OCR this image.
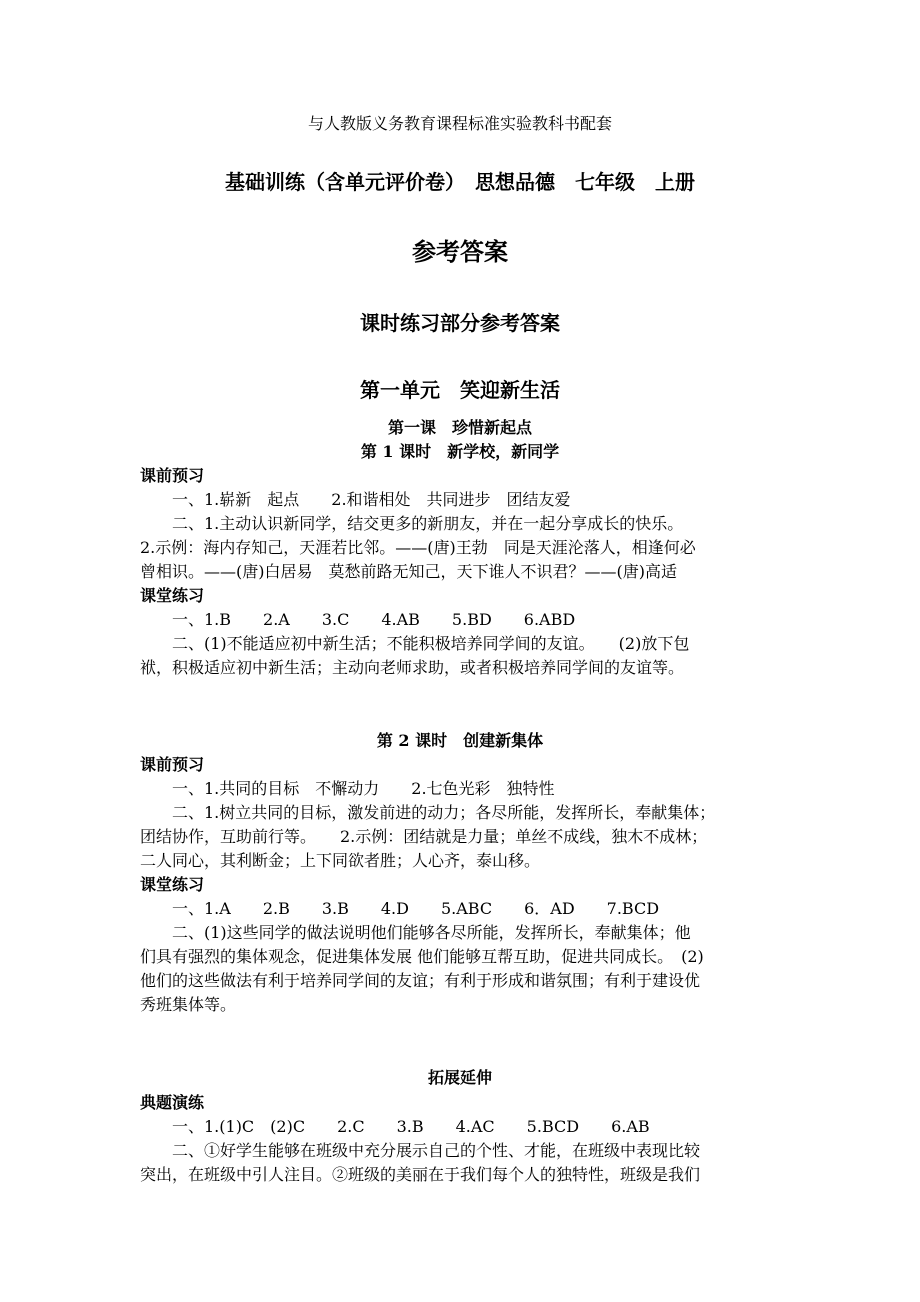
与人教版义务教育课程标准实验教科书配套
基础训练（含单元评价卷）　思想品德　七年级　上册
参考答案
课时练习部分参考答案
第一单元　笑迎新生活
第一课　珍惜新起点
第 1 课时　新学校，新同学
课前预习
　　一、1.崭新　起点　　2.和谐相处　共同进步　团结友爱
　　二、1.主动认识新同学，结交更多的新朋友，并在一起分享成长的快乐。
2.示例：海内存知己，天涯若比邻。——(唐)王勃　同是天涯沦落人，相逢何必
曾相识。——(唐)白居易　莫愁前路无知己，天下谁人不识君？——(唐)高适
课堂练习
　　一、1.B　　2.A　　3.C　　4.AB　　5.BD　　6.ABD
　　二、(1)不能适应初中新生活；不能积极培养同学间的友谊。　　(2)放下包
袱，积极适应初中新生活；主动向老师求助，或者积极培养同学间的友谊等。
第 2 课时　创建新集体
课前预习
　　一、1.共同的目标　不懈动力　　2.七色光彩　独特性
　　二、1.树立共同的目标，激发前进的动力；各尽所能，发挥所长，奉献集体；
团结协作，互助前行等。　　2.示例：团结就是力量；单丝不成线，独木不成林；
二人同心，其利断金；上下同欲者胜；人心齐，泰山移。
课堂练习
　　一、1.A　　2.B　　3.B　　4.D　　5.ABC　　6．AD　　7.BCD
　　二、(1)这些同学的做法说明他们能够各尽所能，发挥所长，奉献集体；他
们具有强烈的集体观念，促进集体发展 他们能够互帮互助，促进共同成长。　(2)
他们的这些做法有利于培养同学间的友谊；有利于形成和谐氛围；有利于建设优
秀班集体等。
拓展延伸
典题演练
　　一、1.(1)C　(2)C　　2.C　　3.B　　4.AC　　5.BCD　　6.AB
　　二、①好学生能够在班级中充分展示自己的个性、才能，在班级中表现比较
突出，在班级中引人注目。②班级的美丽在于我们每个人的独特性，班级是我们
